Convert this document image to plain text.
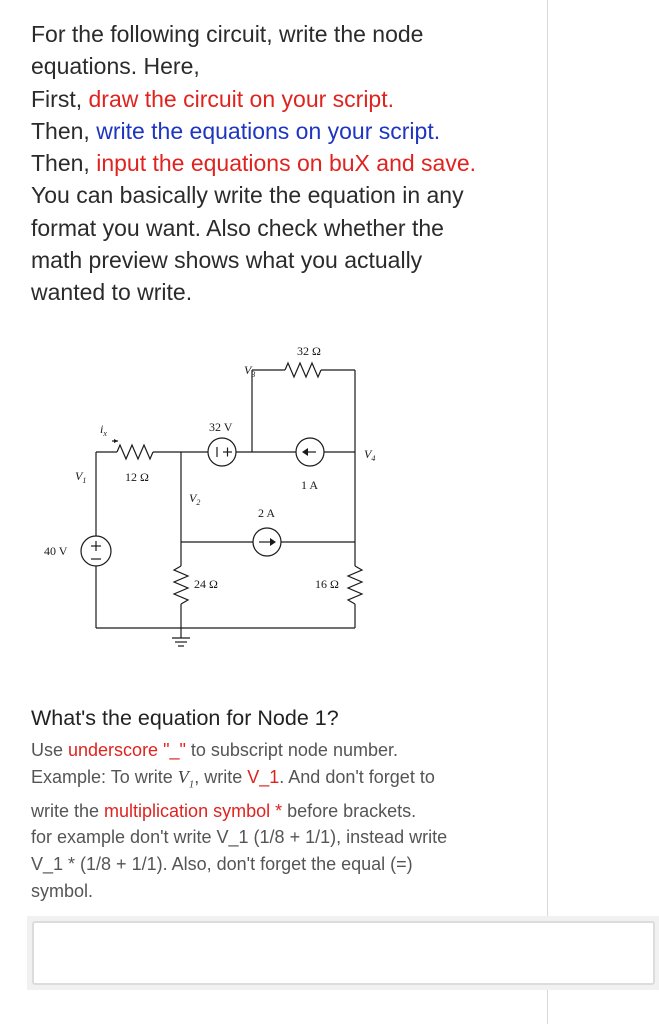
For the following circuit, write the node
equations. Here,
First, draw the circuit on your script.
Then, write the equations on your script.
Then, input the equations on buX and save.
You can basically write the equation in any
format you want. Also check whether the
math preview shows what you actually
wanted to write.
32 Ω
$V_3$
$i_x$	32 V
$V_4$
$V_1$	12 Ω
1 A
$V_2$
2 A
40 V
24 Ω	16 Ω
What's the equation for Node 1?
Use underscore "_" to subscript node number.
Example: To write $V_1$, write V_1. And don't forget to
write the multiplication symbol * before brackets.
for example don't write V_1 (1/8 + 1/1), instead write
V_1 * (1/8 + 1/1). Also, don't forget the equal (=)
symbol.
